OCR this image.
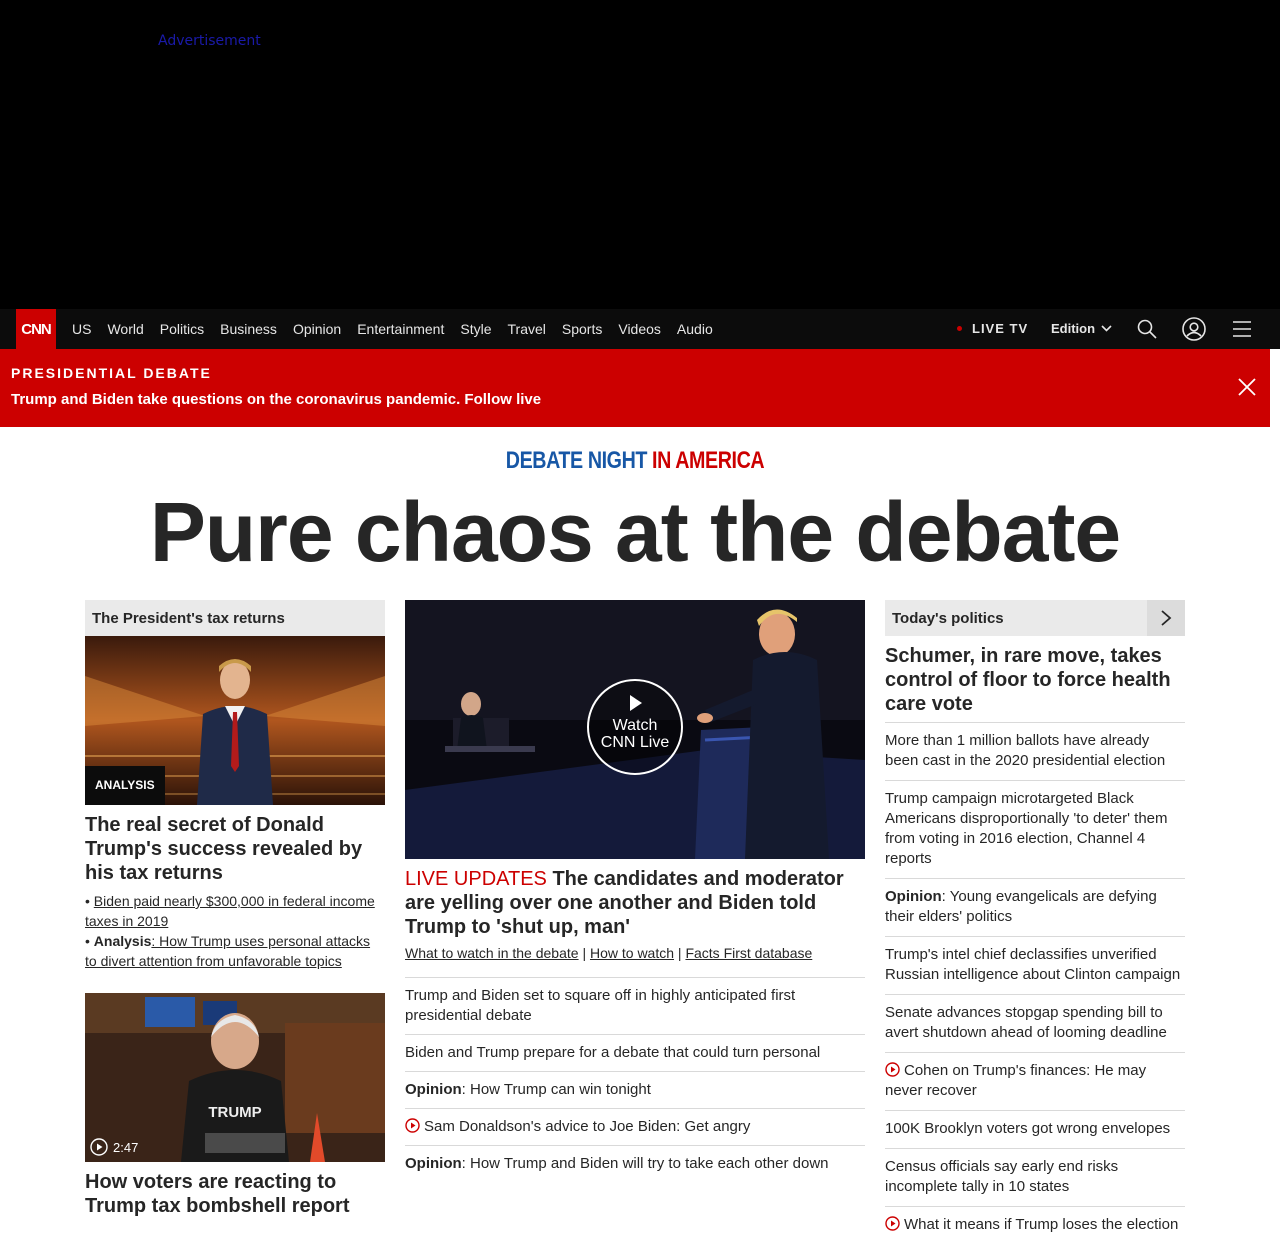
Advertisement
CNN	US World Politics Business Opinion Entertainment Style Travel Sports Videos Audio	LIVE TV Edition
PRESIDENTIAL DEBATE
Trump and Biden take questions on the coronavirus pandemic. Follow live
DEBATE NIGHT IN AMERICA
Pure chaos at the debate
The President's tax returns
ANALYSIS
The real secret of Donald Trump's success revealed by his tax returns
• Biden paid nearly $300,000 in federal income taxes in 2019
• Analysis: How Trump uses personal attacks to divert attention from unfavorable topics
TRUMP
2:47
How voters are reacting to Trump tax bombshell report
Watch
CNN Live
LIVE UPDATES The candidates and moderator are yelling over one another and Biden told Trump to 'shut up, man'
What to watch in the debate | How to watch | Facts First database
Trump and Biden set to square off in highly anticipated first presidential debate
Biden and Trump prepare for a debate that could turn personal
Opinion: How Trump can win tonight
Sam Donaldson's advice to Joe Biden: Get angry
Opinion: How Trump and Biden will try to take each other down
Today's politics
Schumer, in rare move, takes control of floor to force health care vote
More than 1 million ballots have already been cast in the 2020 presidential election
Trump campaign microtargeted Black Americans disproportionally 'to deter' them from voting in 2016 election, Channel 4 reports
Opinion: Young evangelicals are defying their elders' politics
Trump's intel chief declassifies unverified Russian intelligence about Clinton campaign
Senate advances stopgap spending bill to avert shutdown ahead of looming deadline
Cohen on Trump's finances: He may never recover
100K Brooklyn voters got wrong envelopes
Census officials say early end risks incomplete tally in 10 states
What it means if Trump loses the election
